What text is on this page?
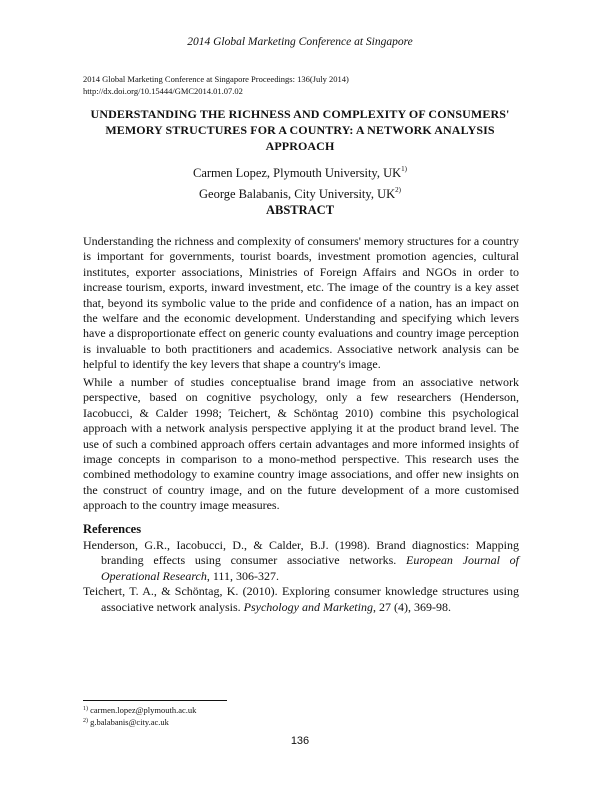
2014 Global Marketing Conference at Singapore
2014 Global Marketing Conference at Singapore Proceedings: 136(July 2014)
http://dx.doi.org/10.15444/GMC2014.01.07.02
UNDERSTANDING THE RICHNESS AND COMPLEXITY OF CONSUMERS' MEMORY STRUCTURES FOR A COUNTRY: A NETWORK ANALYSIS APPROACH
Carmen Lopez, Plymouth University, UK$^{1)}$
George Balabanis, City University, UK$^{2)}$
ABSTRACT

Understanding the richness and complexity of consumers' memory structures for a country is important for governments, tourist boards, investment promotion agencies, cultural institutes, exporter associations, Ministries of Foreign Affairs and NGOs in order to increase tourism, exports, inward investment, etc. The image of the country is a key asset that, beyond its symbolic value to the pride and confidence of a nation, has an impact on the welfare and the economic development. Understanding and specifying which levers have a disproportionate effect on generic county evaluations and country image perception is invaluable to both practitioners and academics. Associative network analysis can be helpful to identify the key levers that shape a country's image.

While a number of studies conceptualise brand image from an associative network perspective, based on cognitive psychology, only a few researchers (Henderson, Iacobucci, & Calder 1998; Teichert, & Schöntag 2010) combine this psychological approach with a network analysis perspective applying it at the product brand level. The use of such a combined approach offers certain advantages and more informed insights of image concepts in comparison to a mono-method perspective. This research uses the combined methodology to examine country image associations, and offer new insights on the construct of country image, and on the future development of a more customised approach to the country image measures.

References

Henderson, G.R., Iacobucci, D., & Calder, B.J. (1998). Brand diagnostics: Mapping branding effects using consumer associative networks. European Journal of Operational Research, 111, 306-327.

Teichert, T. A., & Schöntag, K. (2010). Exploring consumer knowledge structures using associative network analysis. Psychology and Marketing, 27 (4), 369-98.

$^{1)}$ carmen.lopez@plymouth.ac.uk
$^{2)}$ g.balabanis@city.ac.uk
136
